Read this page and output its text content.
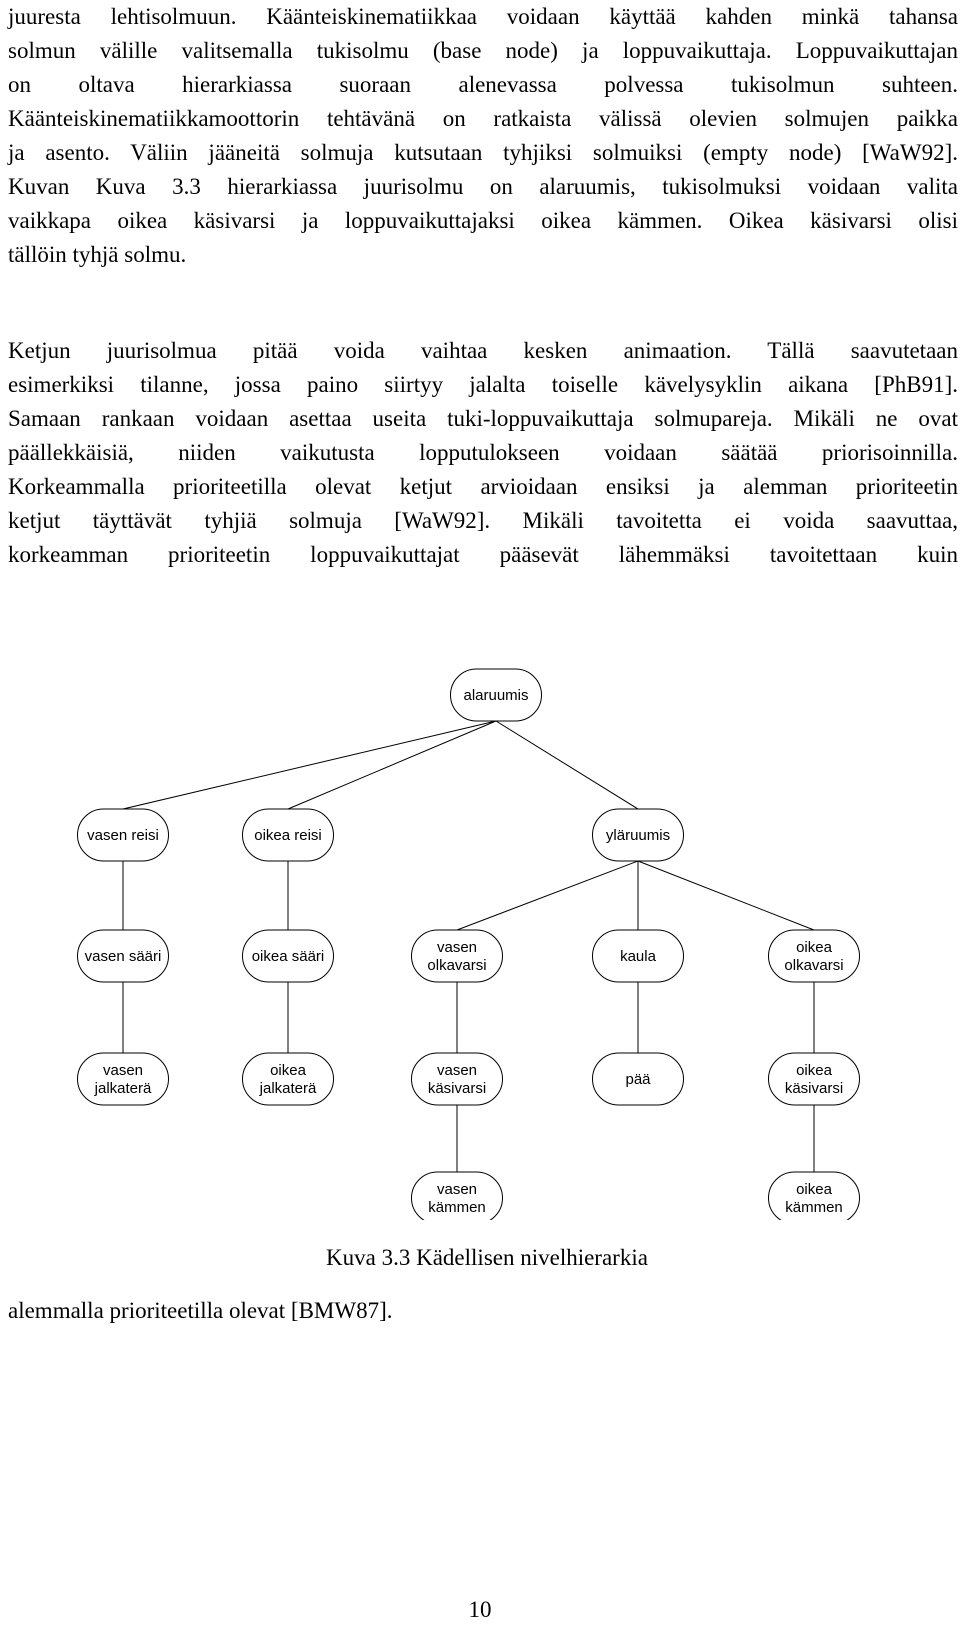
juuresta lehtisolmuun. Käänteiskinematiikkaa voidaan käyttää kahden minkä tahansa
solmun välille valitsemalla tukisolmu (base node) ja loppuvaikuttaja. Loppuvaikuttajan
on oltava hierarkiassa suoraan alenevassa polvessa tukisolmun suhteen.
Käänteiskinematiikkamoottorin tehtävänä on ratkaista välissä olevien solmujen paikka
ja asento. Väliin jääneitä solmuja kutsutaan tyhjiksi solmuiksi (empty node) [WaW92].
Kuvan Kuva 3.3 hierarkiassa juurisolmu on alaruumis, tukisolmuksi voidaan valita
vaikkapa oikea käsivarsi ja loppuvaikuttajaksi oikea kämmen. Oikea käsivarsi olisi
tällöin tyhjä solmu.
Ketjun juurisolmua pitää voida vaihtaa kesken animaation. Tällä saavutetaan
esimerkiksi tilanne, jossa paino siirtyy jalalta toiselle kävelysyklin aikana [PhB91].
Samaan rankaan voidaan asettaa useita tuki-loppuvaikuttaja solmupareja. Mikäli ne ovat
päällekkäisiä, niiden vaikutusta lopputulokseen voidaan säätää priorisoinnilla.
Korkeammalla prioriteetilla olevat ketjut arvioidaan ensiksi ja alemman prioriteetin
ketjut täyttävät tyhjiä solmuja [WaW92]. Mikäli tavoitetta ei voida saavuttaa,
korkeamman prioriteetin loppuvaikuttajat pääsevät lähemmäksi tavoitettaan kuin
alaruumis
vasen reisi	oikea reisi	yläruumis
vasen sääri	oikea sääri
vasen
olkavarsi
kaula
oikea
olkavarsi
vasen
jalkaterä
oikea
jalkaterä
vasen
käsivarsi
pää
oikea
käsivarsi
vasen
kämmen
oikea
kämmen

Kuva 3.3 Kädellisen nivelhierarkia

alemmalla prioriteetilla olevat [BMW87].

10
